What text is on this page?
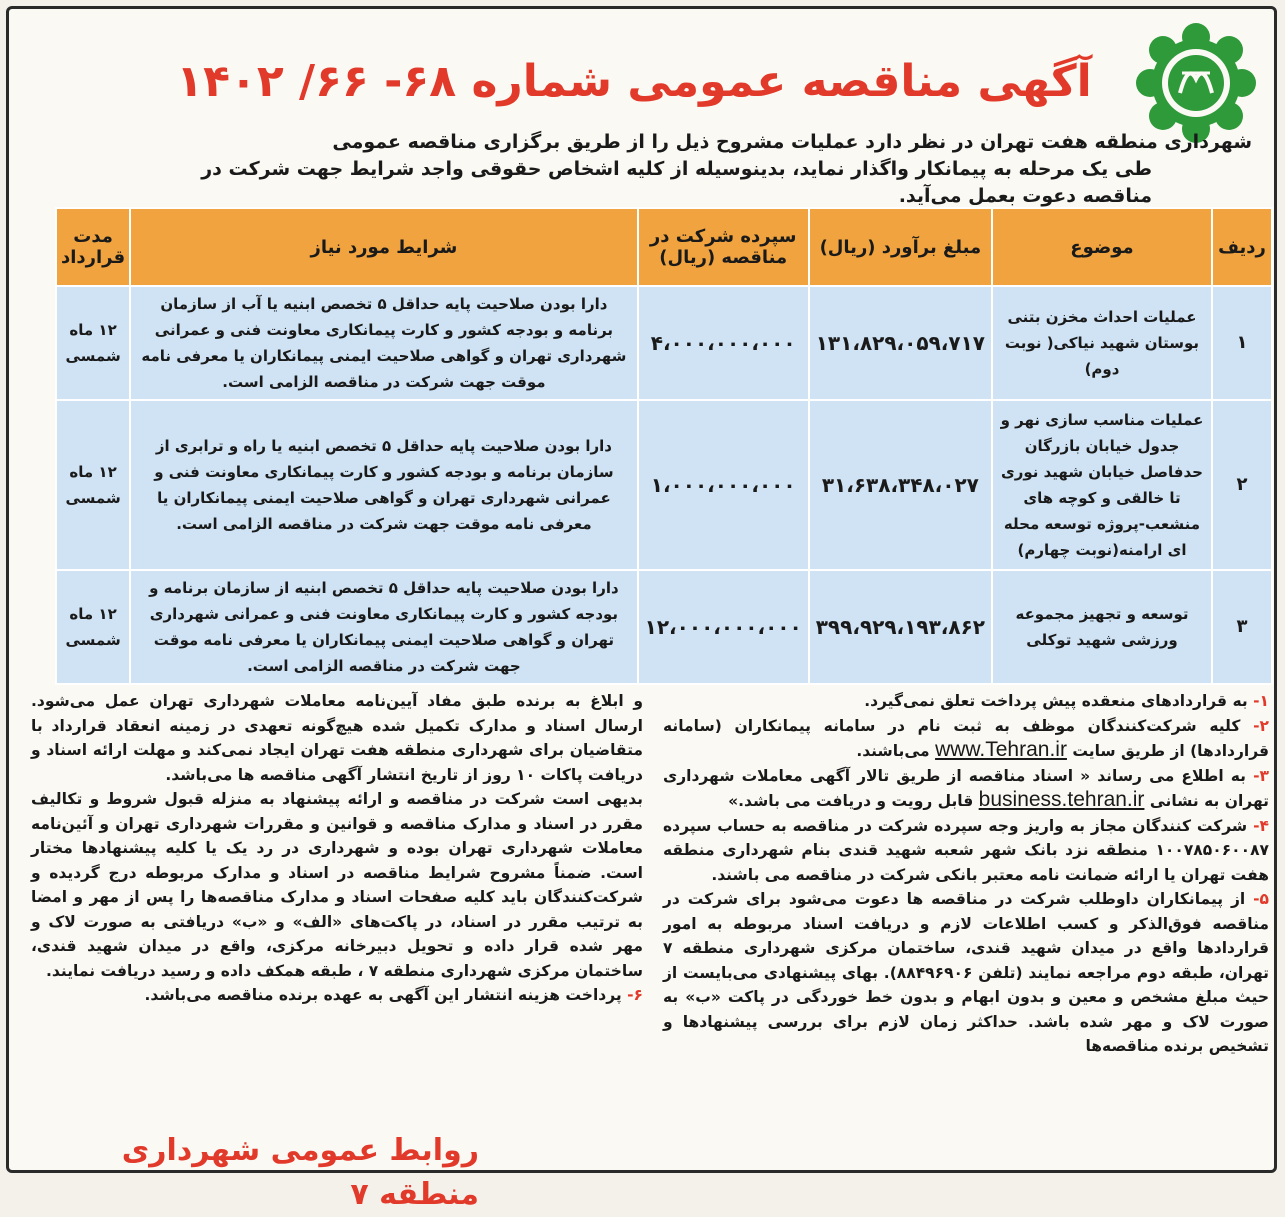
آگهی مناقصه عمومی شماره ۶۸- ۶۶/ ۱۴۰۲
شهرداری منطقه هفت تهران در نظر دارد عملیات مشروح ذیل را از طریق برگزاری مناقصه عمومی
طی یک مرحله به پیمانکار واگذار نماید، بدینوسیله از کلیه اشخاص حقوقی واجد شرایط جهت شرکت در مناقصه دعوت بعمل می‌آید.
ردیف	موضوع	مبلغ برآورد (ریال)	سپرده شرکت در مناقصه (ریال)	شرایط مورد نیاز	مدت قرارداد
۱	عملیات احداث مخزن بتنی بوستان شهید نیاکی( نوبت دوم)	۱۳۱،۸۲۹،۰۵۹،۷۱۷	۴،۰۰۰،۰۰۰،۰۰۰	دارا بودن صلاحیت پایه حداقل ۵ تخصص ابنیه یا آب از سازمان برنامه و بودجه کشور و کارت پیمانکاری معاونت فنی و عمرانی شهرداری تهران و گواهی صلاحیت ایمنی پیمانکاران یا معرفی نامه موقت جهت شرکت در مناقصه الزامی است.	۱۲ ماه شمسی
۲	عملیات مناسب سازی نهر و جدول خیابان بازرگان حدفاصل خیابان شهید نوری تا خالقی و کوچه های منشعب-پروژه توسعه محله ای ارامنه(نوبت چهارم)	۳۱،۶۳۸،۳۴۸،۰۲۷	۱،۰۰۰،۰۰۰،۰۰۰	دارا بودن صلاحیت پایه حداقل ۵ تخصص ابنیه یا راه و ترابری از سازمان برنامه و بودجه کشور و کارت پیمانکاری معاونت فنی و عمرانی شهرداری تهران و گواهی صلاحیت ایمنی پیمانکاران یا معرفی نامه موقت جهت شرکت در مناقصه الزامی است.	۱۲ ماه شمسی
۳	توسعه و تجهیز مجموعه ورزشی شهید توکلی	۳۹۹،۹۲۹،۱۹۳،۸۶۲	۱۲،۰۰۰،۰۰۰،۰۰۰	دارا بودن صلاحیت پایه حداقل ۵ تخصص ابنیه از سازمان برنامه و بودجه کشور و کارت پیمانکاری معاونت فنی و عمرانی شهرداری تهران و گواهی صلاحیت ایمنی پیمانکاران یا معرفی نامه موقت جهت شرکت در مناقصه الزامی است.	۱۲ ماه شمسی

۱- به قراردادهای منعقده پیش پرداخت تعلق نمی‌گیرد.

۲- کلیه شرکت‌کنندگان موظف به ثبت نام در سامانه پیمانکاران (سامانه قراردادها) از طریق سایت www.Tehran.ir می‌باشند.

۳- به اطلاع می رساند « اسناد مناقصه از طریق تالار آگهی معاملات شهرداری تهران به نشانی business.tehran.ir قابل رویت و دریافت می باشد.»

۴- شرکت کنندگان مجاز به واریز وجه سپرده شرکت در مناقصه به حساب سپرده ۱۰۰۷۸۵۰۶۰۰۸۷ منطقه نزد بانک شهر شعبه شهید قندی بنام شهرداری منطقه هفت تهران یا ارائه ضمانت نامه معتبر بانکی شرکت در مناقصه می باشند.

۵- از پیمانکاران داوطلب شرکت در مناقصه ها دعوت می‌شود برای شرکت در مناقصه فوق‌الذکر و کسب اطلاعات لازم و دریافت اسناد مربوطه به امور قراردادها واقع در میدان شهید قندی، ساختمان مرکزی شهرداری منطقه ۷ تهران، طبقه دوم مراجعه نمایند (تلفن ۸۸۴۹۶۹۰۶). بهای پیشنهادی می‌بایست از حیث مبلغ مشخص و معین و بدون ابهام و بدون خط خوردگی در پاکت «ب» به صورت لاک و مهر شده باشد. حداکثر زمان لازم برای بررسی پیشنهادها و تشخیص برنده مناقصه‌ها

و ابلاغ به برنده طبق مفاد آیین‌نامه معاملات شهرداری تهران عمل می‌شود. ارسال اسناد و مدارک تکمیل شده هیچ‌گونه تعهدی در زمینه انعقاد قرارداد با متقاضیان برای شهرداری منطقه هفت تهران ایجاد نمی‌کند و مهلت ارائه اسناد و دریافت پاکات ۱۰ روز از تاریخ انتشار آگهی مناقصه ها می‌باشد.

بدیهی است شرکت در مناقصه و ارائه پیشنهاد به منزله قبول شروط و تکالیف مقرر در اسناد و مدارک مناقصه و قوانین و مقررات شهرداری تهران و آئین‌نامه معاملات شهرداری تهران بوده و شهرداری در رد یک یا کلیه پیشنهادها مختار است. ضمناً مشروح شرایط مناقصه در اسناد و مدارک مربوطه درج گردیده و شرکت‌کنندگان باید کلیه صفحات اسناد و مدارک مناقصه‌ها را پس از مهر و امضا به ترتیب مقرر در اسناد، در پاکت‌های «الف» و «ب» دریافتی به صورت لاک و مهر شده قرار داده و تحویل دبیرخانه مرکزی، واقع در میدان شهید قندی، ساختمان مرکزی شهرداری منطقه ۷ ، طبقه همکف داده و رسید دریافت نمایند.

۶- پرداخت هزینه انتشار این آگهی به عهده برنده مناقصه می‌باشد.

روابط عمومی شهرداری منطقه ۷
